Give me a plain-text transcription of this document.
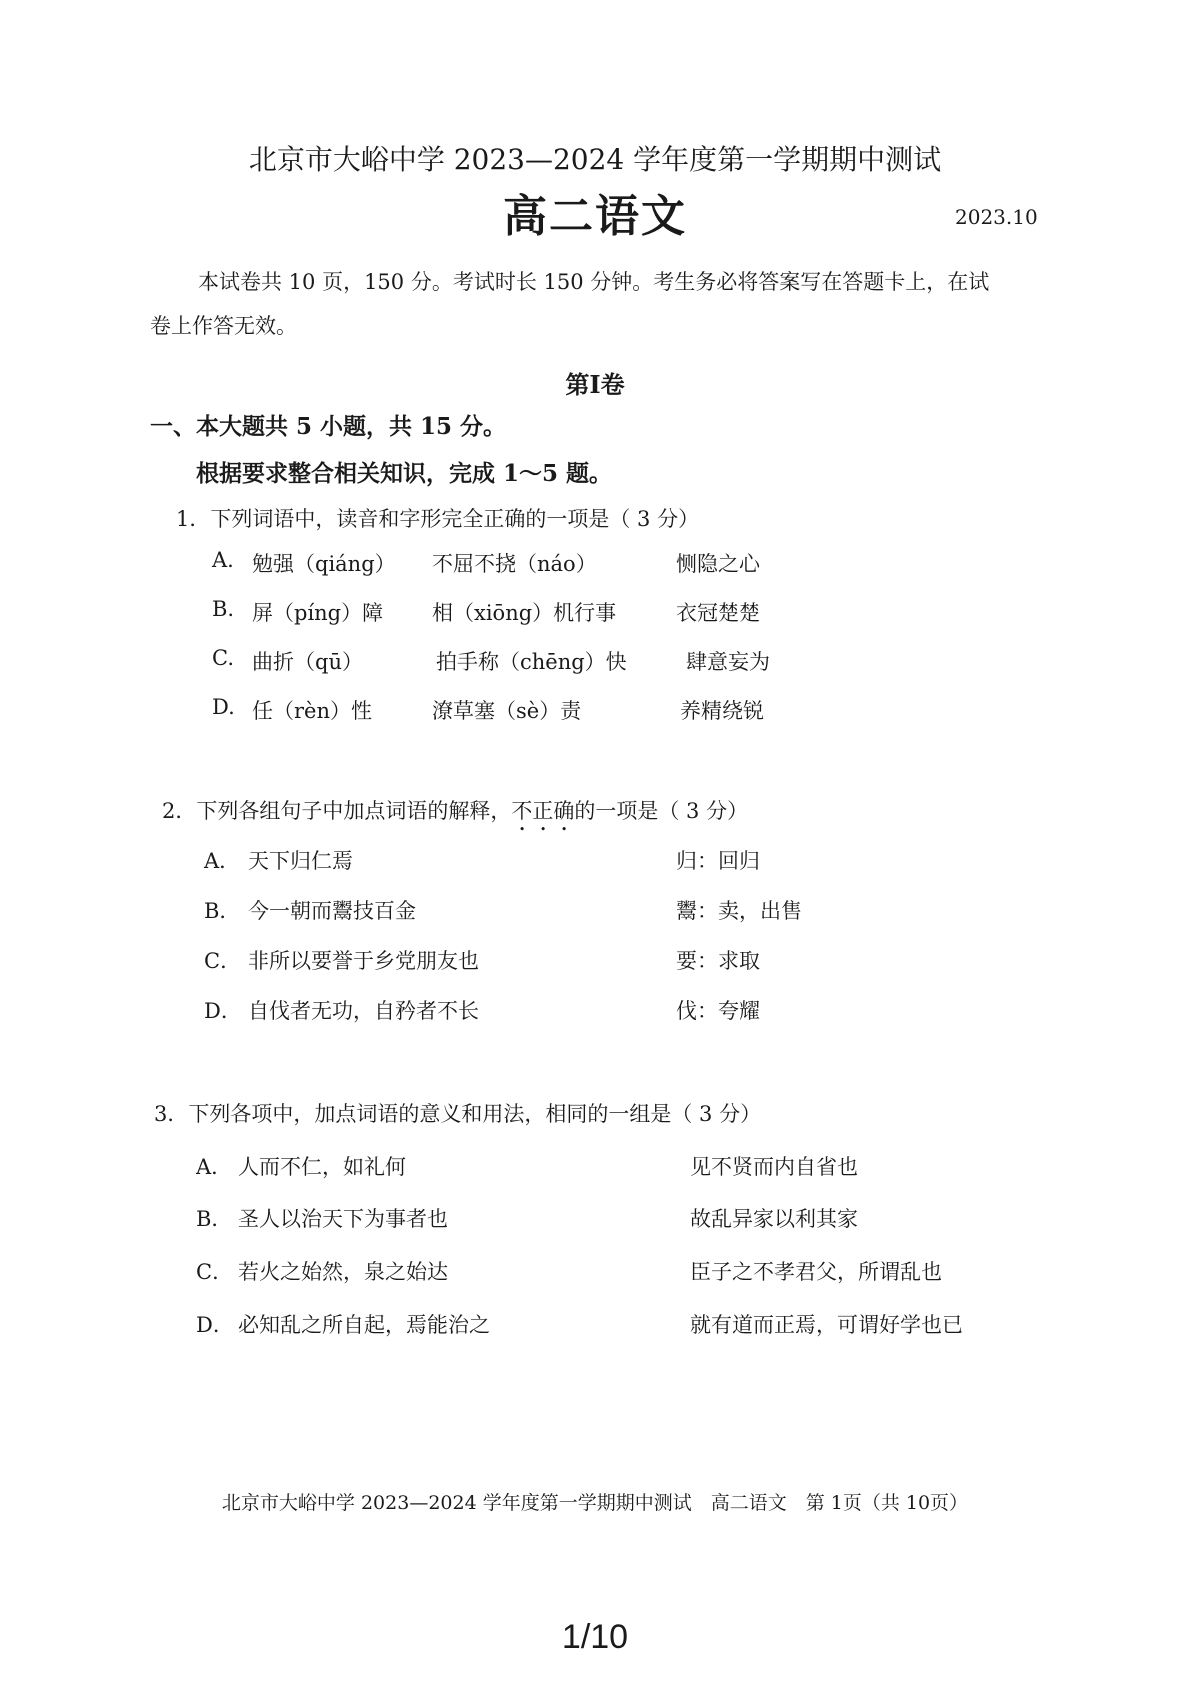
北京市大峪中学 2023—2024 学年度第一学期期中测试
高二语文	2023.10
本试卷共 10 页，150 分。考试时长 150 分钟。考生务必将答案写在答题卡上，在试
卷上作答无效。
第Ⅰ卷
一、本大题共 5 小题，共 15 分。
根据要求整合相关知识，完成 1～5 题。
1．下列词语中，读音和字形完全正确的一项是（ 3 分）
A. 勉强（qiáng） 不屈不挠（náo）	恻隐之心
B. 屏（píng）障 相（xiōng）机行事	衣冠楚楚
C. 曲折（qū）	拍手称（chēng）快	肆意妄为
D. 任（rèn）性	潦草塞（sè）责	养精绕锐
2．下列各组句子中加点词语的解释，不正确的一项是（ 3 分）
A． 天下归仁焉	归：回归
B． 今一朝而鬻技百金	鬻：卖，出售
C． 非所以要誉于乡党朋友也	要：求取
D． 自伐者无功，自矜者不长	伐：夸耀
3．下列各项中，加点词语的意义和用法，相同的一组是（ 3 分）
A． 人而不仁，如礼何	见不贤而内自省也
B． 圣人以治天下为事者也	故乱异家以利其家
C． 若火之始然，泉之始达	臣子之不孝君父，所谓乱也
D． 必知乱之所自起，焉能治之	就有道而正焉，可谓好学也已
北京市大峪中学 2023—2024 学年度第一学期期中测试　高二语文　第 1页（共 10页）
1/10
